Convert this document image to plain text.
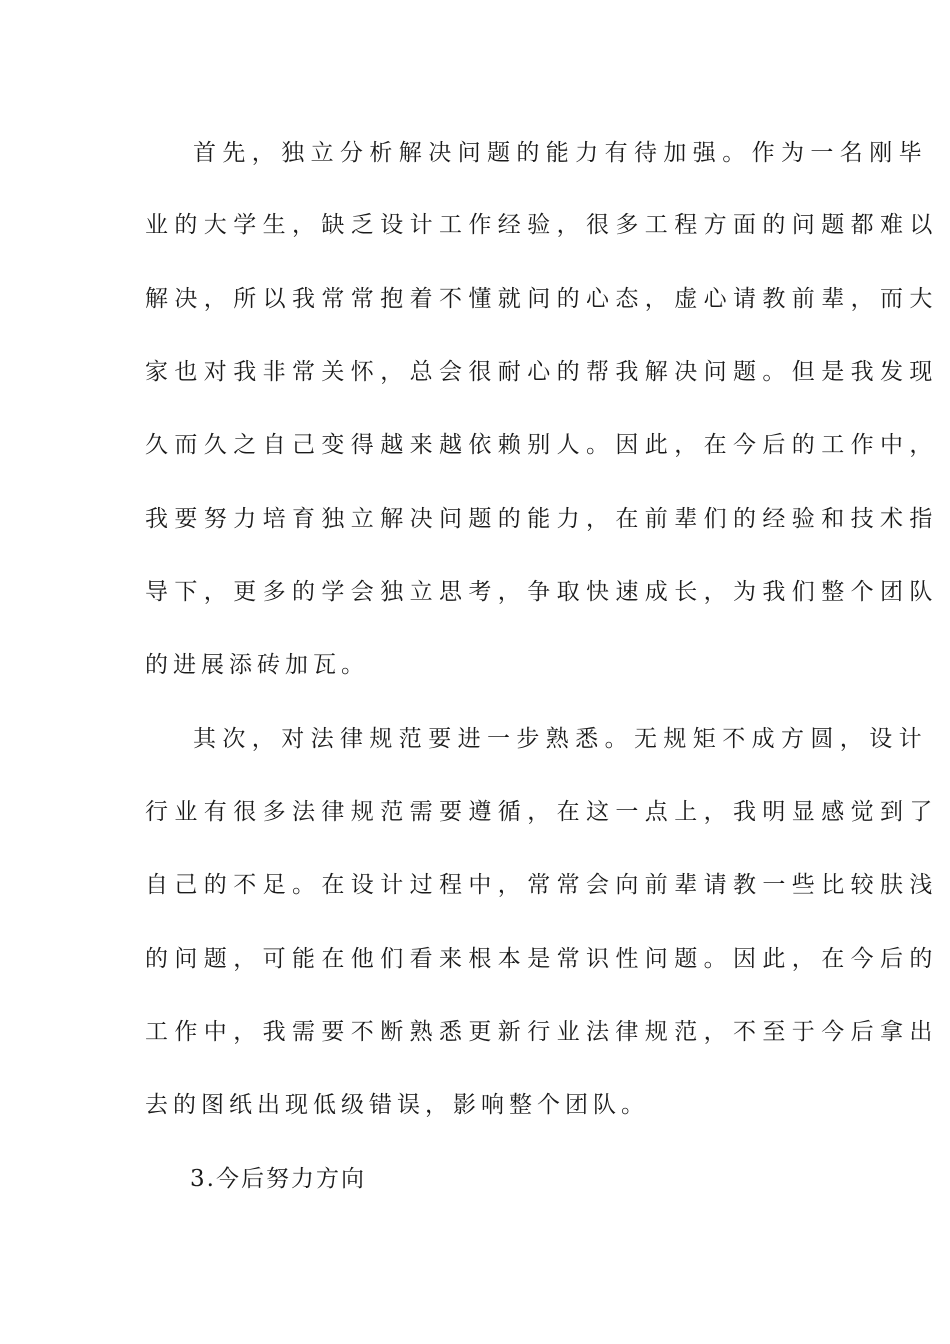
首先，独立分析解决问题的能力有待加强。作为一名刚毕
业的大学生，缺乏设计工作经验，很多工程方面的问题都难以
解决，所以我常常抱着不懂就问的心态，虚心请教前辈，而大
家也对我非常关怀，总会很耐心的帮我解决问题。但是我发现
久而久之自己变得越来越依赖别人。因此，在今后的工作中，
我要努力培育独立解决问题的能力，在前辈们的经验和技术指
导下，更多的学会独立思考，争取快速成长，为我们整个团队
的进展添砖加瓦。
其次，对法律规范要进一步熟悉。无规矩不成方圆，设计
行业有很多法律规范需要遵循，在这一点上，我明显感觉到了
自己的不足。在设计过程中，常常会向前辈请教一些比较肤浅
的问题，可能在他们看来根本是常识性问题。因此，在今后的
工作中，我需要不断熟悉更新行业法律规范，不至于今后拿出
去的图纸出现低级错误，影响整个团队。
3.今后努力方向
